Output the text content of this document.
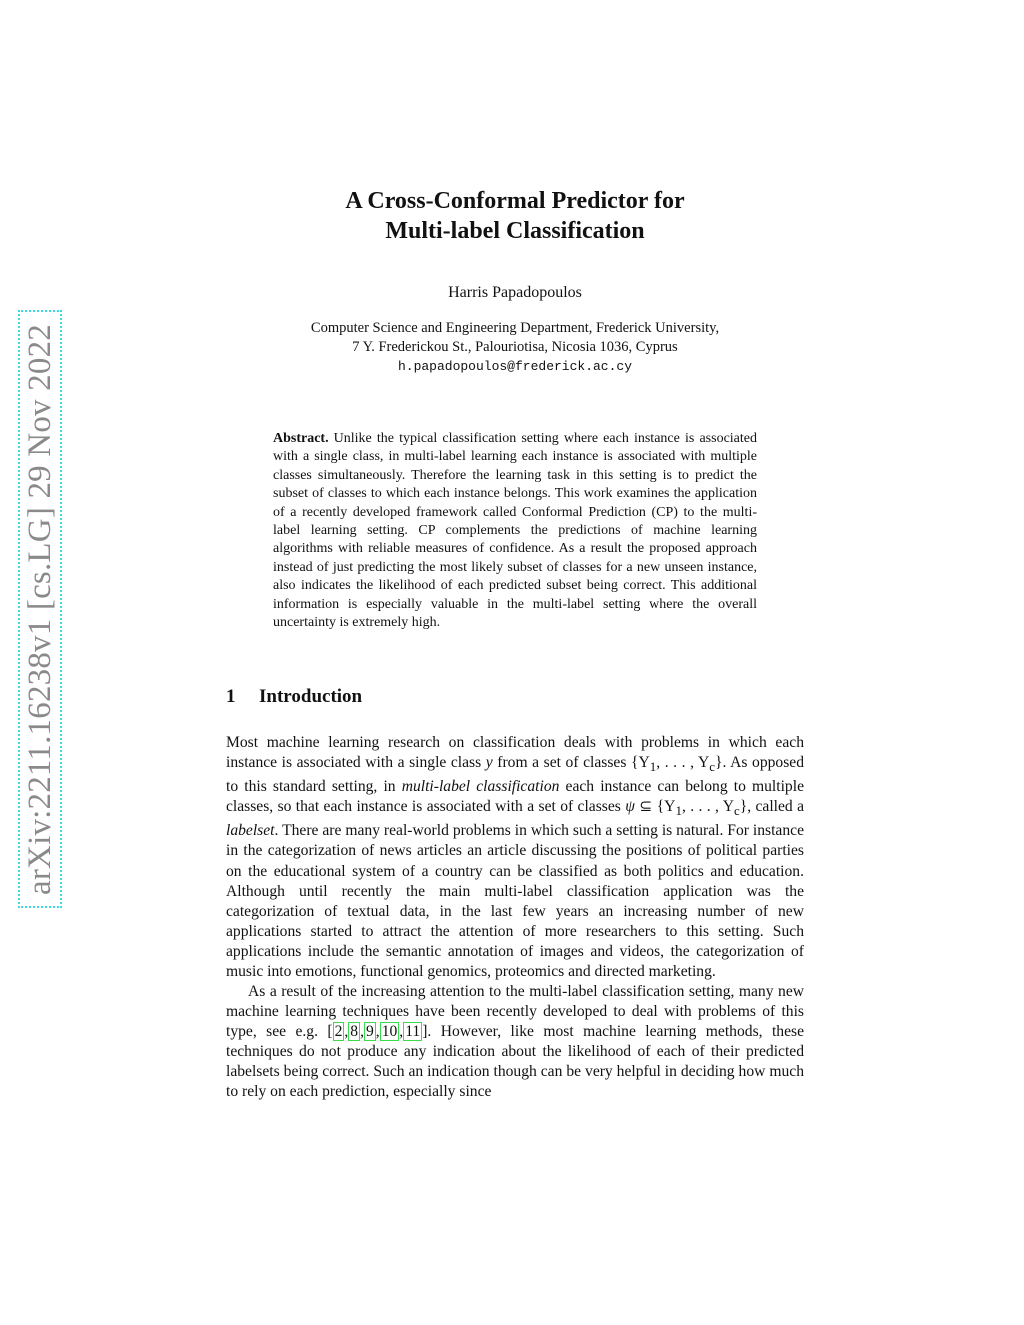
arXiv:2211.16238v1 [cs.LG] 29 Nov 2022
A Cross-Conformal Predictor for
Multi-label Classification
Harris Papadopoulos
Computer Science and Engineering Department, Frederick University,
7 Y. Frederickou St., Palouriotisa, Nicosia 1036, Cyprus
h.papadopoulos@frederick.ac.cy

Abstract. Unlike the typical classification setting where each instance is associated with a single class, in multi-label learning each instance is associated with multiple classes simultaneously. Therefore the learning task in this setting is to predict the subset of classes to which each instance belongs. This work examines the application of a recently developed framework called Conformal Prediction (CP) to the multi-label learning setting. CP complements the predictions of machine learning algorithms with reliable measures of confidence. As a result the proposed approach instead of just predicting the most likely subset of classes for a new unseen instance, also indicates the likelihood of each predicted subset being correct. This additional information is especially valuable in the multi-label setting where the overall uncertainty is extremely high.

1 Introduction

Most machine learning research on classification deals with problems in which each instance is associated with a single class y from a set of classes {$Y_1$, . . . , $Y_c$}. As opposed to this standard setting, in multi-label classification each instance can belong to multiple classes, so that each instance is associated with a set of classes ψ ⊆ {$Y_1$, . . . , $Y_c$}, called a labelset. There are many real-world problems in which such a setting is natural. For instance in the categorization of news articles an article discussing the positions of political parties on the educational system of a country can be classified as both politics and education. Although until recently the main multi-label classification application was the categorization of textual data, in the last few years an increasing number of new applications started to attract the attention of more researchers to this setting. Such applications include the semantic annotation of images and videos, the categorization of music into emotions, functional genomics, proteomics and directed marketing.

As a result of the increasing attention to the multi-label classification setting, many new machine learning techniques have been recently developed to deal with problems of this type, see e.g. [ 2 , 8 , 9 , 10 , 11 ]. However, like most machine learning methods, these techniques do not produce any indication about the likelihood of each of their predicted labelsets being correct. Such an indication though can be very helpful in deciding how much to rely on each prediction, especially since
